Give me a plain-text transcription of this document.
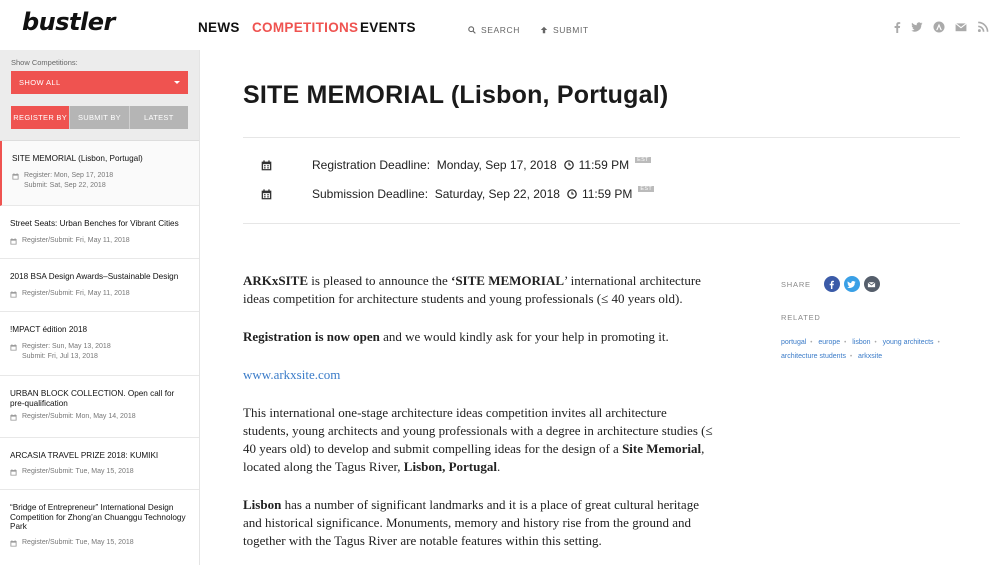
bustler	NEWS COMPETITIONS EVENTS	SEARCH	SUBMIT
Show Competitions:
SHOW ALL
REGISTER BY	SUBMIT BY	LATEST
SITE MEMORIAL (Lisbon, Portugal)
Register: Mon, Sep 17, 2018
Submit: Sat, Sep 22, 2018
Street Seats: Urban Benches for Vibrant Cities
Register/Submit: Fri, May 11, 2018
2018 BSA Design Awards–Sustainable Design
Register/Submit: Fri, May 11, 2018
!MPACT édition 2018
Register: Sun, May 13, 2018
Submit: Fri, Jul 13, 2018
URBAN BLOCK COLLECTION. Open call for pre-qualification
Register/Submit: Mon, May 14, 2018
ARCASIA TRAVEL PRIZE 2018: KUMIKI
Register/Submit: Tue, May 15, 2018
“Bridge of Entrepreneur” International Design Competition for Zhong’an Chuanggu Technology Park
Register/Submit: Tue, May 15, 2018
SITE MEMORIAL (Lisbon, Portugal)
Registration Deadline:
Monday, Sep 17, 2018 11:59 PM	EST
Submission Deadline:
Saturday, Sep 22, 2018 11:59 PM	EST

ARKxSITE is pleased to announce the ‘SITE MEMORIAL’ international architecture ideas competition for architecture students and young professionals (≤ 40 years old).

Registration is now open and we would kindly ask for your help in promoting it.

www.arkxsite.com

This international one-stage architecture ideas competition invites all architecture students, young architects and young professionals with a degree in architecture studies (≤ 40 years old) to develop and submit compelling ideas for the design of a Site Memorial, located along the Tagus River, Lisbon, Portugal.

Lisbon has a number of significant landmarks and it is a place of great cultural heritage and historical significance. Monuments, memory and history rise from the ground and together with the Tagus River are notable features within this setting.

SHARE
RELATED
portugal • europe • lisbon • young architects •
architecture students • arkxsite
